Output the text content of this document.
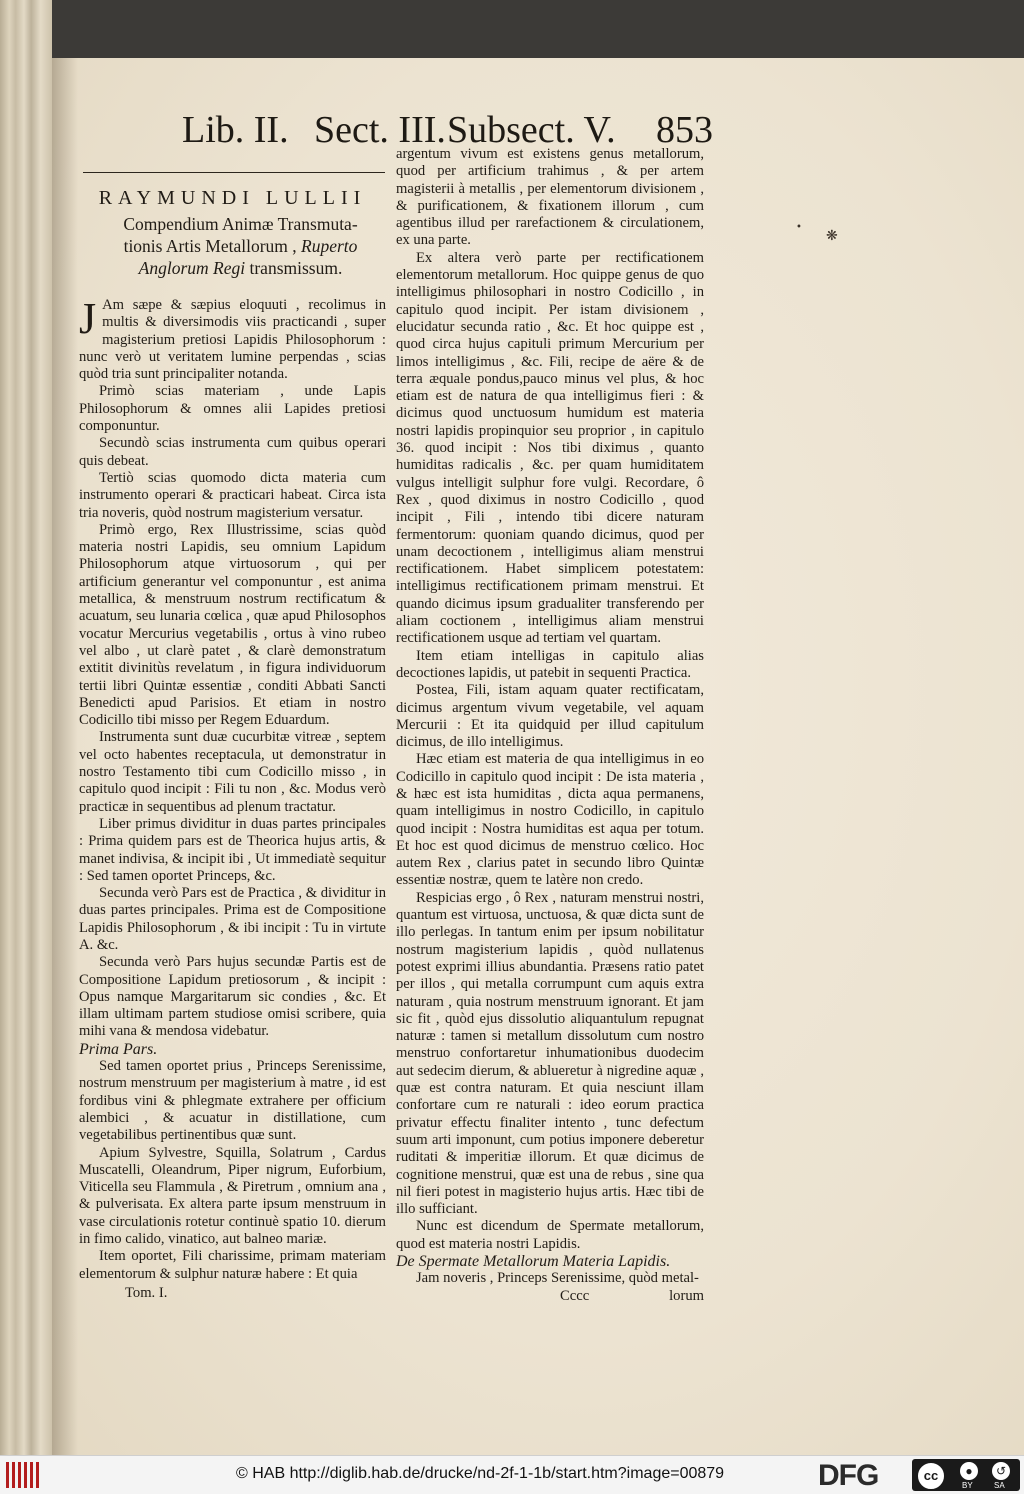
Lib. II. Sect. III. Subsect. V. 853
RAYMUNDI LULLII
Compendium Animæ Transmuta-
tionis Artis Metallorum , Ruperto
Anglorum Regi transmissum.

J Am sæpe & sæpius eloquuti , recolimus in multis & diversimodis viis practicandi , super magisterium pretiosi Lapidis Philosophorum : nunc verò ut veritatem lumine perpendas , scias quòd tria sunt principaliter notanda.

Primò scias materiam , unde Lapis Philosophorum & omnes alii Lapides pretiosi componuntur.

Secundò scias instrumenta cum quibus operari quis debeat.

Tertiò scias quomodo dicta materia cum instrumento operari & practicari habeat. Circa ista tria noveris, quòd nostrum magisterium versatur.

Primò ergo, Rex Illustrissime, scias quòd materia nostri Lapidis, seu omnium Lapidum Philosophorum atque virtuosorum , qui per artificium generantur vel componuntur , est anima metallica, & menstruum nostrum rectificatum & acuatum, seu lunaria cœlica , quæ apud Philosophos vocatur Mercurius vegetabilis , ortus à vino rubeo vel albo , ut clarè patet , & clarè demonstratum extitit divinitùs revelatum , in figura individuorum tertii libri Quintæ essentiæ , conditi Abbati Sancti Benedicti apud Parisios. Et etiam in nostro Codicillo tibi misso per Regem Eduardum.

Instrumenta sunt duæ cucurbitæ vitreæ , septem vel octo habentes receptacula, ut demonstratur in nostro Testamento tibi cum Codicillo misso , in capitulo quod incipit : Fili tu non , &c. Modus verò practicæ in sequentibus ad plenum tractatur.

Liber primus dividitur in duas partes principales : Prima quidem pars est de Theorica hujus artis, & manet indivisa, & incipit ibi , Ut immediatè sequitur : Sed tamen oportet Princeps, &c.

Secunda verò Pars est de Practica , & dividitur in duas partes principales. Prima est de Compositione Lapidis Philosophorum , & ibi incipit : Tu in virtute A. &c.

Secunda verò Pars hujus secundæ Partis est de Compositione Lapidum pretiosorum , & incipit : Opus namque Margaritarum sic condies , &c. Et illam ultimam partem studiose omisi scribere, quia mihi vana & mendosa videbatur.

Prima Pars.

Sed tamen oportet prius , Princeps Serenissime, nostrum menstruum per magisterium à matre , id est fordibus vini & phlegmate extrahere per officium alembici , & acuatur in distillatione, cum vegetabilibus pertinentibus quæ sunt.

Apium Sylvestre, Squilla, Solatrum , Cardus Muscatelli, Oleandrum, Piper nigrum, Euforbium, Viticella seu Flammula , & Piretrum , omnium ana , & pulverisata. Ex altera parte ipsum menstruum in vase circulationis rotetur continuè spatio 10. dierum in fimo calido, vinatico, aut balneo mariæ.

Item oportet, Fili charissime, primam materiam elementorum & sulphur naturæ habere : Et quia

Tom. I.

argentum vivum est existens genus metallorum, quod per artificium trahimus , & per artem magisterii à metallis , per elementorum divisionem , & purificationem, & fixationem illorum , cum agentibus illud per rarefactionem & circulationem, ex una parte.

Ex altera verò parte per rectificationem elementorum metallorum. Hoc quippe genus de quo intelligimus philosophari in nostro Codicillo , in capitulo quod incipit. Per istam divisionem , elucidatur secunda ratio , &c. Et hoc quippe est , quod circa hujus capituli primum Mercurium per limos intelligimus , &c. Fili, recipe de aëre & de terra æquale pondus,pauco minus vel plus, & hoc etiam est de natura de qua intelligimus fieri : & dicimus quod unctuosum humidum est materia nostri lapidis propinquior seu proprior , in capitulo 36. quod incipit : Nos tibi diximus , quanto humiditas radicalis , &c. per quam humiditatem vulgus intelligit sulphur fore vulgi. Recordare, ô Rex , quod diximus in nostro Codicillo , quod incipit , Fili , intendo tibi dicere naturam fermentorum: quoniam quando dicimus, quod per unam decoctionem , intelligimus aliam menstrui rectificationem. Habet simplicem potestatem: intelligimus rectificationem primam menstrui. Et quando dicimus ipsum gradualiter transferendo per aliam coctionem , intelligimus aliam menstrui rectificationem usque ad tertiam vel quartam.

Item etiam intelligas in capitulo alias decoctiones lapidis, ut patebit in sequenti Practica.

Postea, Fili, istam aquam quater rectificatam, dicimus argentum vivum vegetabile, vel aquam Mercurii : Et ita quidquid per illud capitulum dicimus, de illo intelligimus.

Hæc etiam est materia de qua intelligimus in eo Codicillo in capitulo quod incipit : De ista materia , & hæc est ista humiditas , dicta aqua permanens, quam intelligimus in nostro Codicillo, in capitulo quod incipit : Nostra humiditas est aqua per totum. Et hoc est quod dicimus de menstruo cœlico. Hoc autem Rex , clarius patet in secundo libro Quintæ essentiæ nostræ, quem te latère non credo.

Respicias ergo , ô Rex , naturam menstrui nostri, quantum est virtuosa, unctuosa, & quæ dicta sunt de illo perlegas. In tantum enim per ipsum nobilitatur nostrum magisterium lapidis , quòd nullatenus potest exprimi illius abundantia. Præsens ratio patet per illos , qui metalla corrumpunt cum aquis extra naturam , quia nostrum menstruum ignorant. Et jam sic fit , quòd ejus dissolutio aliquantulum repugnat naturæ : tamen si metallum dissolutum cum nostro menstruo confortaretur inhumationibus duodecim aut sedecim dierum, & ablueretur à nigredine aquæ , quæ est contra naturam. Et quia nesciunt illam confortare cum re naturali : ideo eorum practica privatur effectu finaliter intento , tunc defectum suum arti imponunt, cum potius imponere deberetur ruditati & imperitiæ illorum. Et quæ dicimus de cognitione menstrui, quæ est una de rebus , sine qua nil fieri potest in magisterio hujus artis. Hæc tibi de illo sufficiant.

Nunc est dicendum de Spermate metallorum, quod est materia nostri Lapidis.

De Spermate Metallorum Materia Lapidis.

Jam noveris , Princeps Serenissime, quòd metal-

Cccc	lorum
•
❋
© HAB http://diglib.hab.de/drucke/nd-2f-1-1b/start.htm?image=00879	DFG	cc	●	↺
BY	SA
